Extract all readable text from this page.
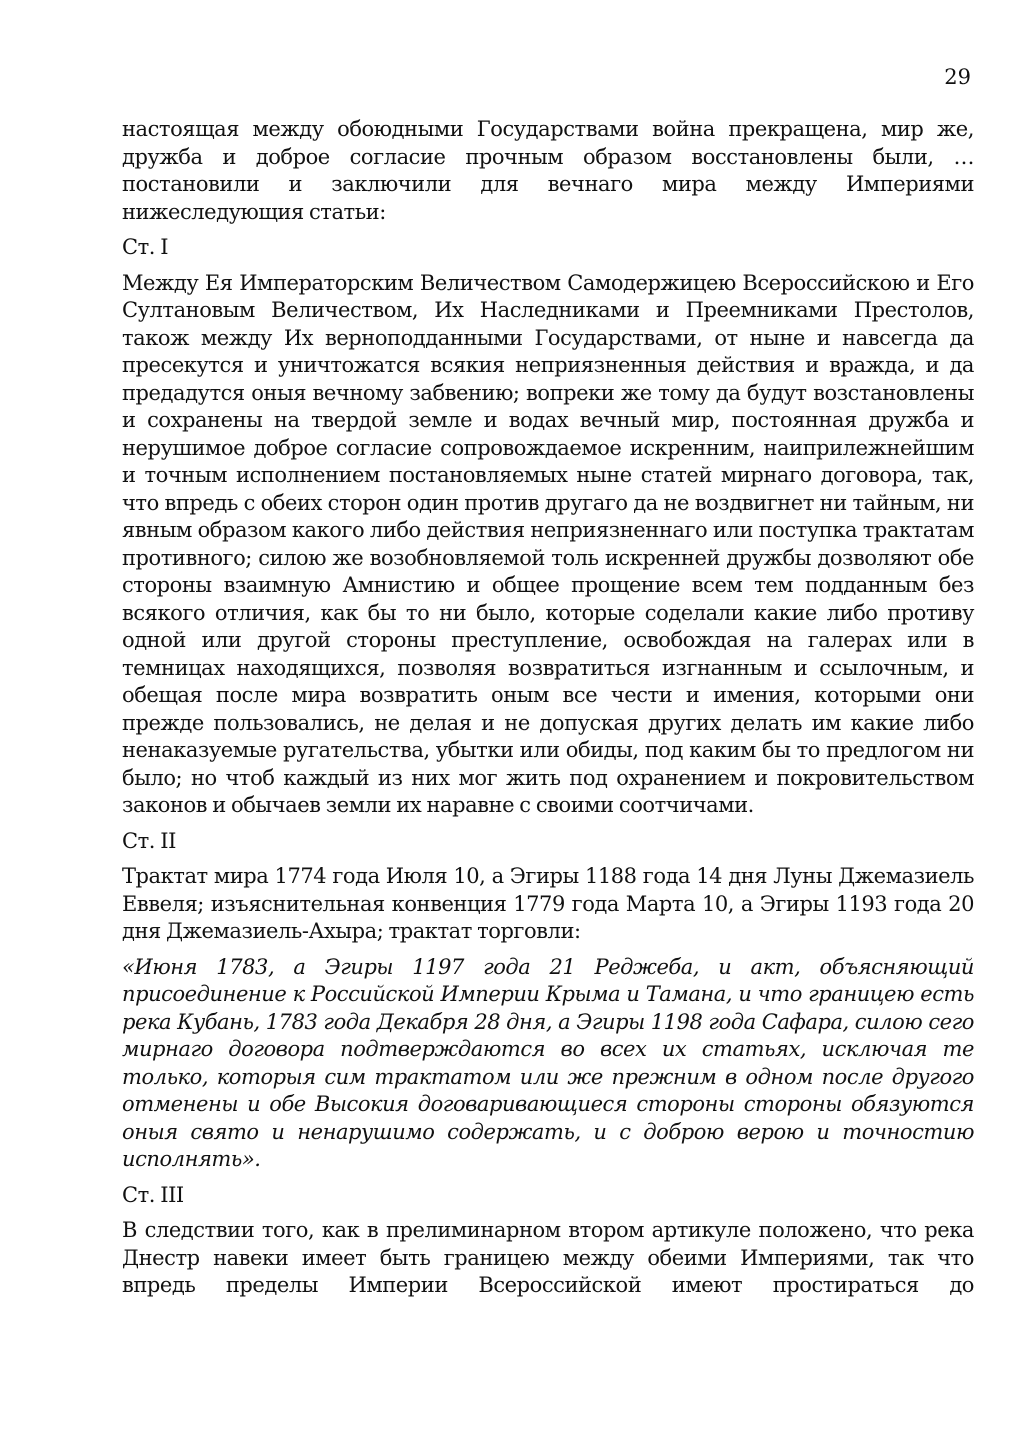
29

настоящая между обоюдными Государствами война прекращена, мир же, дружба и доброе согласие прочным образом восстановлены были, …постановили и заключили для вечнаго мира между Империями нижеследующия статьи:

Ст. I

Между Ея Императорским Величеством Самодержицею Всероссийскою и Его Султановым Величеством, Их Наследниками и Преемниками Престолов, також между Их верноподданными Государствами, от ныне и навсегда да пресекутся и уничтожатся всякия неприязненныя действия и вражда, и да предадутся оныя вечному забвению; вопреки же тому да будут возстановлены и сохранены на твердой земле и водах вечный мир, постоянная дружба и нерушимое доброе согласие сопровождаемое искренним, наиприлежнейшим и точным исполнением постановляемых ныне статей мирнаго договора, так, что впредь с обеих сторон один против другаго да не воздвигнет ни тайным, ни явным образом какого либо действия неприязненнаго или поступка трактатам противного; силою же возобновляемой толь искренней дружбы дозволяют обе стороны взаимную Амнистию и общее прощение всем тем подданным без всякого отличия, как бы то ни было, которые соделали какие либо противу одной или другой стороны преступление, освобождая на галерах или в темницах находящихся, позволяя возвратиться изгнанным и ссылочным, и обещая после мира возвратить оным все чести и имения, которыми они прежде пользовались, не делая и не допуская других делать им какие либо ненаказуемые ругательства, убытки или обиды, под каким бы то предлогом ни было; но чтоб каждый из них мог жить под охранением и покровительством законов и обычаев земли их наравне с своими соотчичами.

Ст. II

Трактат мира 1774 года Июля 10, а Эгиры 1188 года 14 дня Луны Джемазиель Еввеля; изъяснительная конвенция 1779 года Марта 10, а Эгиры 1193 года 20 дня Джемазиель-Ахыра; трактат торговли:

«Июня 1783, а Эгиры 1197 года 21 Реджеба, и акт, объясняющий присоединение к Российской Империи Крыма и Тамана, и что границею есть река Кубань, 1783 года Декабря 28 дня, а Эгиры 1198 года Сафара, силою сего мирнаго договора подтверждаются во всех их статьях, исключая те только, которыя сим трактатом или же прежним в одном после другого отменены и обе Высокия договаривающиеся стороны стороны обязуются оныя свято и ненарушимо содержать, и с доброю верою и точностию исполнять».

Ст. III

В следствии того, как в прелиминарном втором артикуле положено, что река Днестр навеки имеет быть границею между обеими Империями, так что впредь пределы Империи Всероссийской имеют простираться до
